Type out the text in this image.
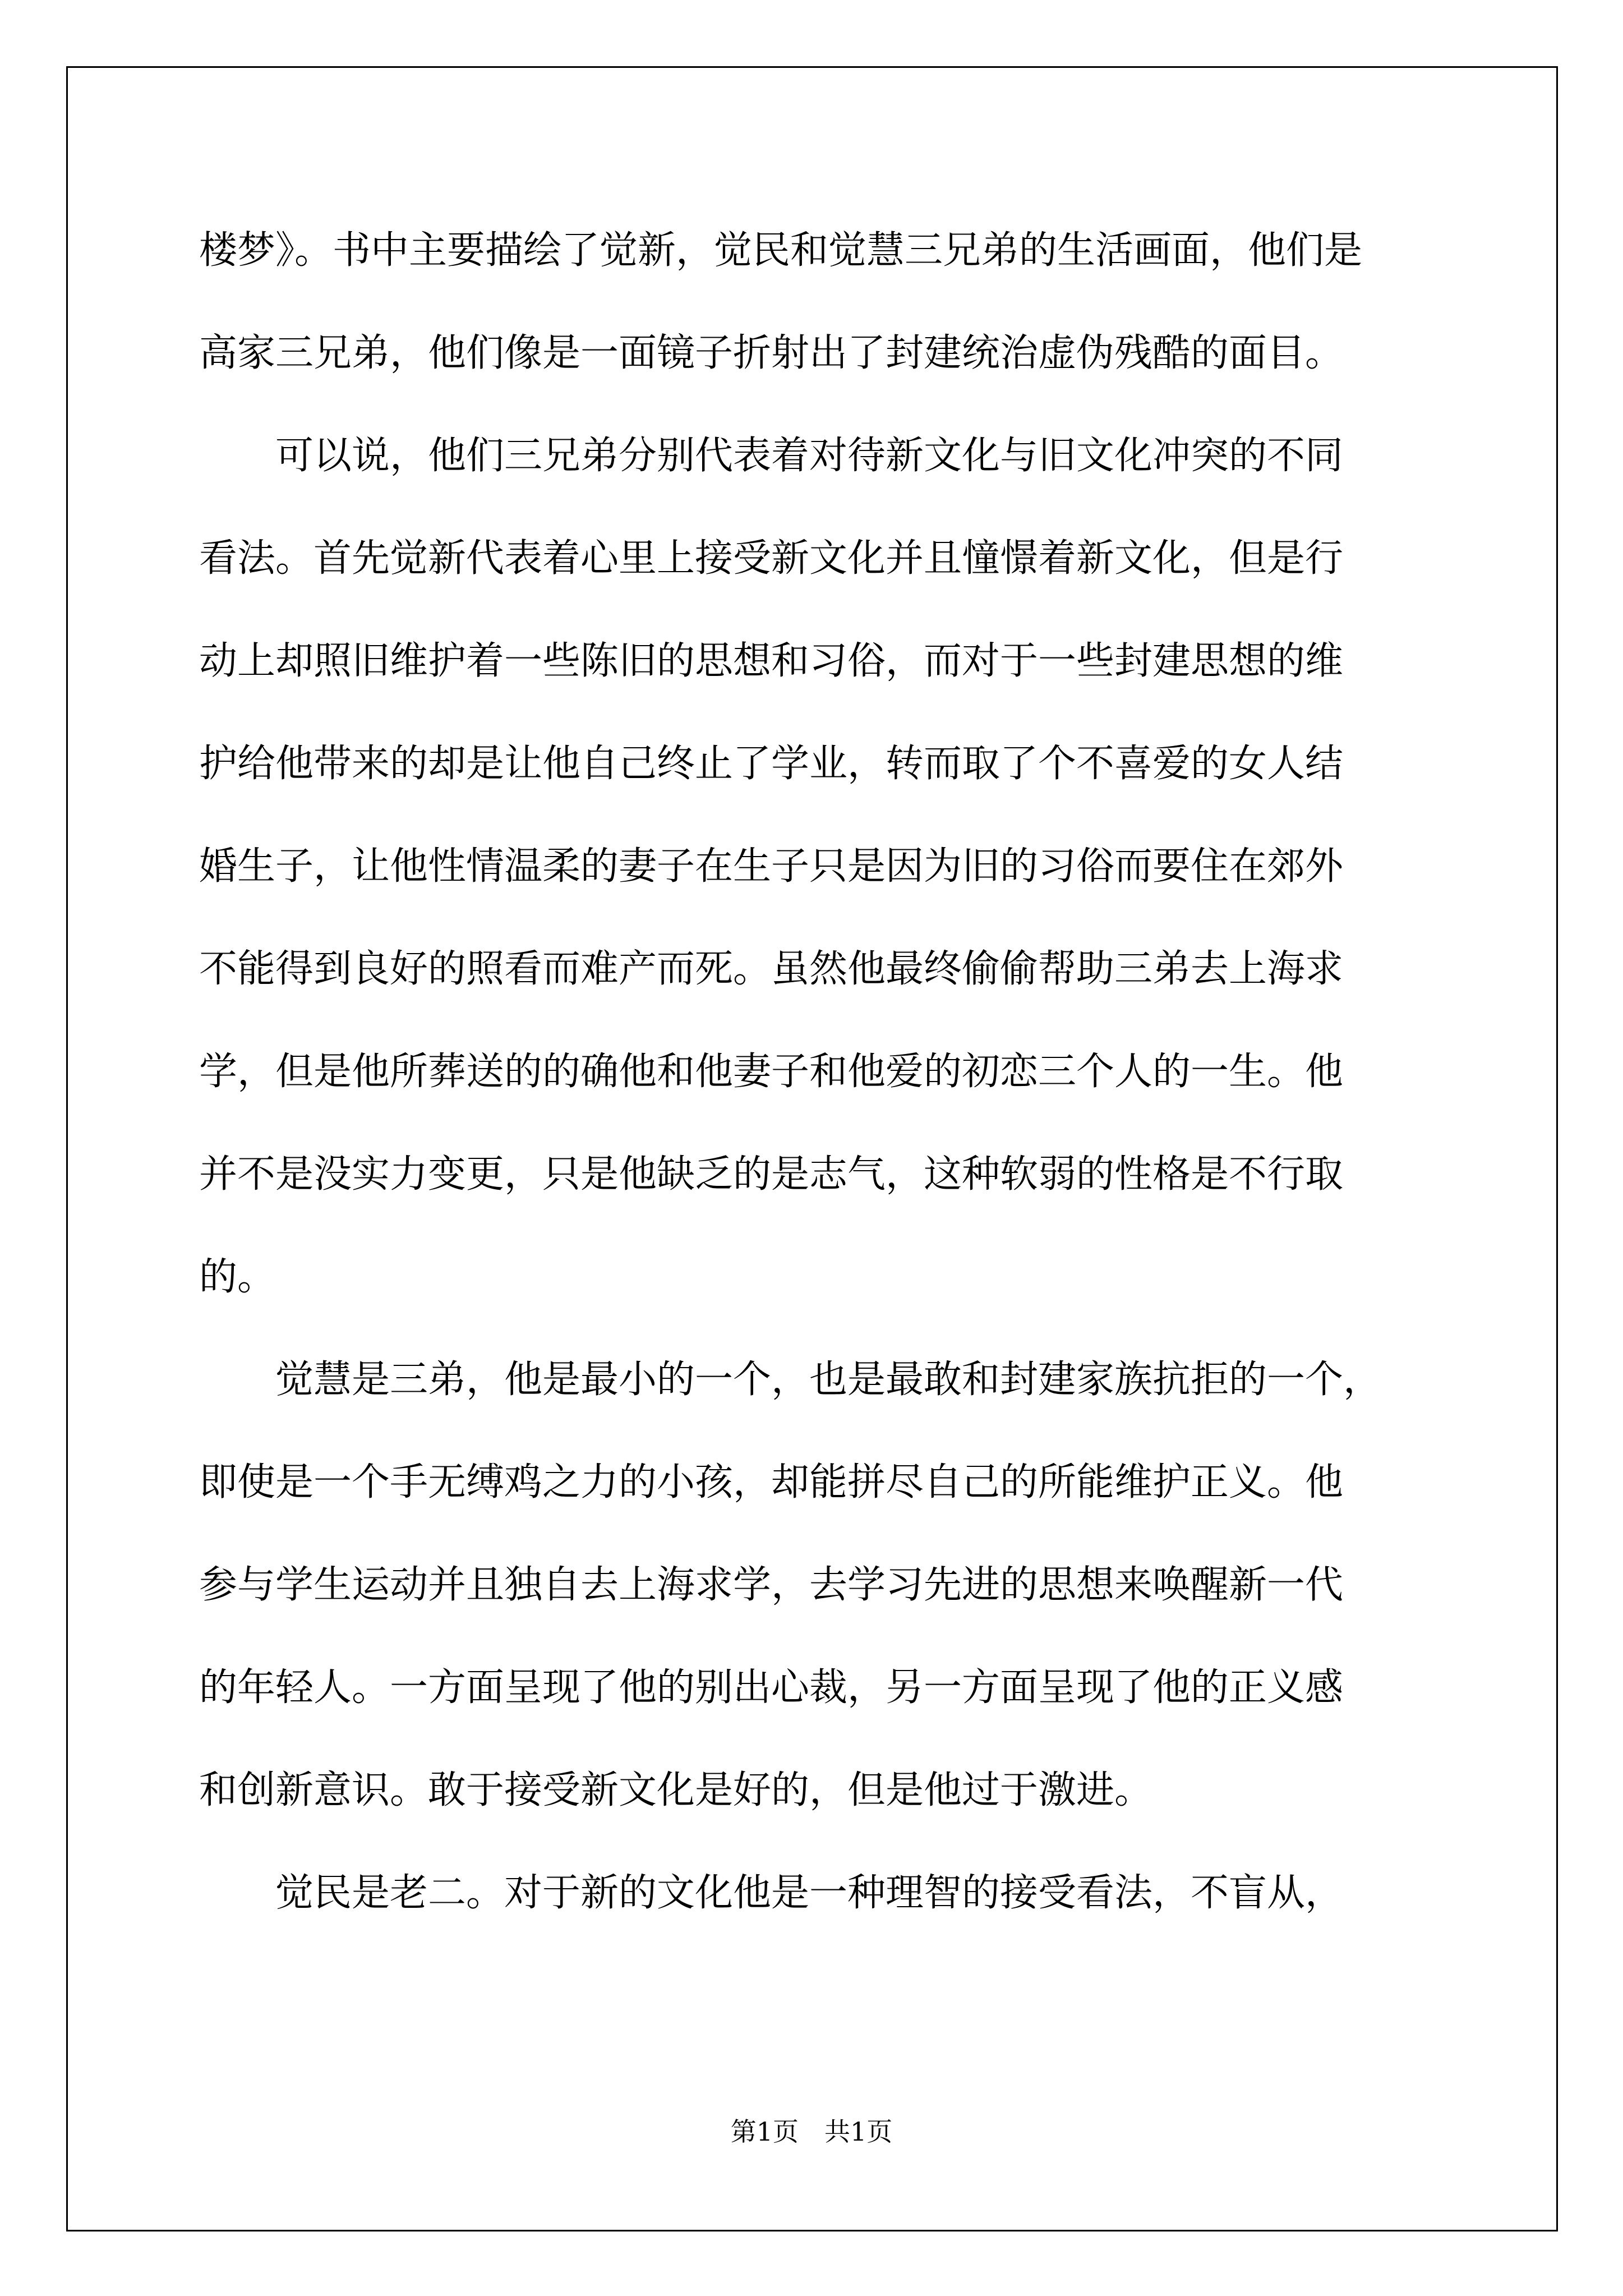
楼梦》。书中主要描绘了觉新，觉民和觉慧三兄弟的生活画面，他们是
高家三兄弟，他们像是一面镜子折射出了封建统治虚伪残酷的面目。
可以说，他们三兄弟分别代表着对待新文化与旧文化冲突的不同
看法。首先觉新代表着心里上接受新文化并且憧憬着新文化，但是行
动上却照旧维护着一些陈旧的思想和习俗，而对于一些封建思想的维
护给他带来的却是让他自己终止了学业，转而取了个不喜爱的女人结
婚生子，让他性情温柔的妻子在生子只是因为旧的习俗而要住在郊外
不能得到良好的照看而难产而死。虽然他最终偷偷帮助三弟去上海求
学，但是他所葬送的的确他和他妻子和他爱的初恋三个人的一生。他
并不是没实力变更，只是他缺乏的是志气，这种软弱的性格是不行取
的。
觉慧是三弟，他是最小的一个，也是最敢和封建家族抗拒的一个，
即使是一个手无缚鸡之力的小孩，却能拼尽自己的所能维护正义。他
参与学生运动并且独自去上海求学，去学习先进的思想来唤醒新一代
的年轻人。一方面呈现了他的别出心裁，另一方面呈现了他的正义感
和创新意识。敢于接受新文化是好的，但是他过于激进。
觉民是老二。对于新的文化他是一种理智的接受看法，不盲从，
第1页　共1页
